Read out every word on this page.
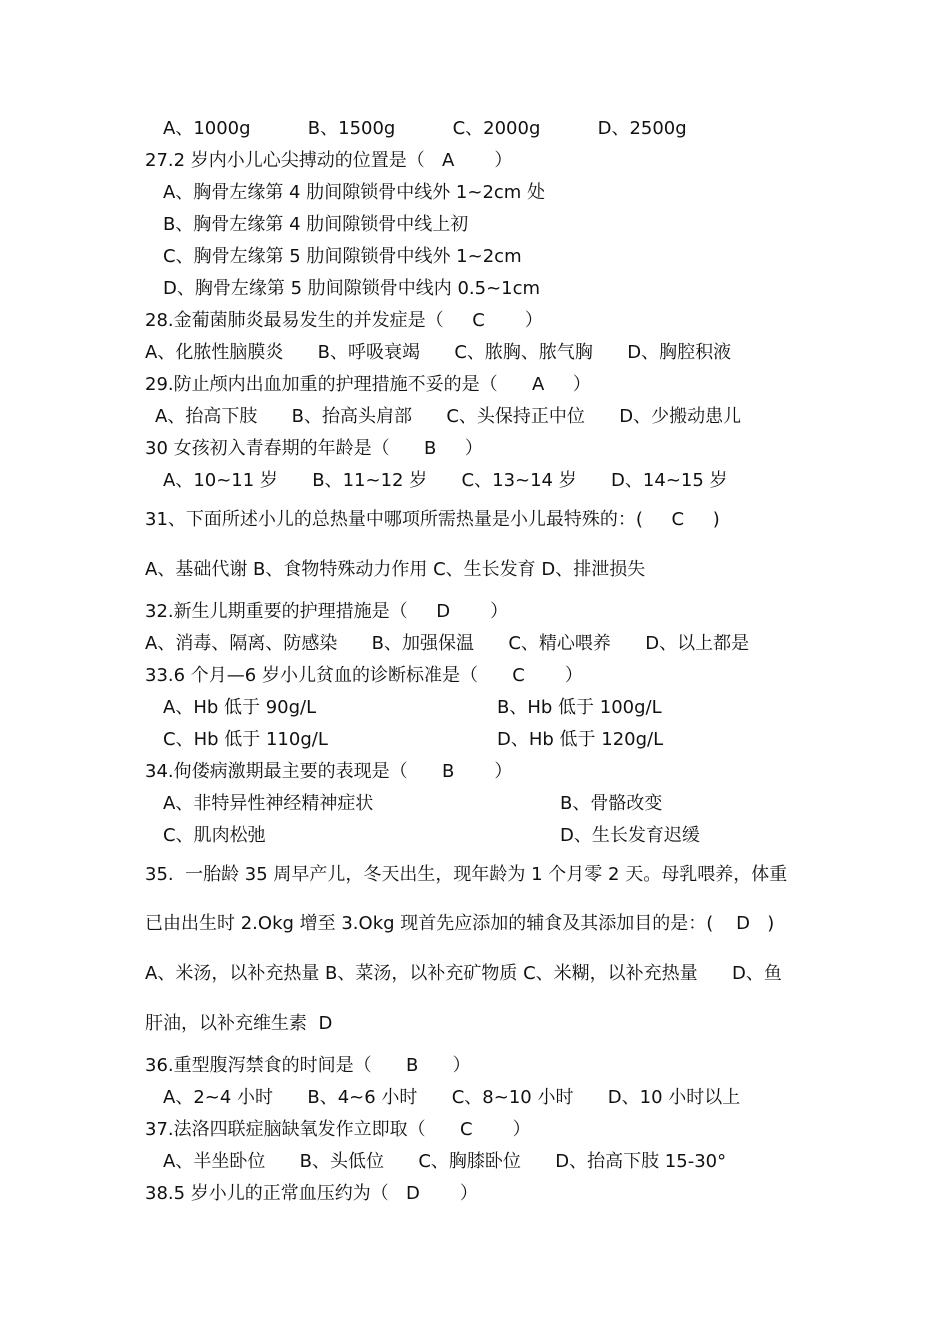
A、1000g          B、1500g          C、2000g          D、2500g
27.2 岁内小儿心尖搏动的位置是（   A       ）
A、胸骨左缘第 4 肋间隙锁骨中线外 1~2cm 处
B、胸骨左缘第 4 肋间隙锁骨中线上初
C、胸骨左缘第 5 肋间隙锁骨中线外 1~2cm
D、胸骨左缘第 5 肋间隙锁骨中线内 0.5~1cm
28.金葡菌肺炎最易发生的并发症是（     C       ）
A、化脓性脑膜炎      B、呼吸衰竭      C、脓胸、脓气胸      D、胸腔积液
29.防止颅内出血加重的护理措施不妥的是（      A     ）
A、抬高下肢      B、抬高头肩部      C、头保持正中位      D、少搬动患儿
30 女孩初入青春期的年龄是（      B     ）
A、10~11 岁      B、11~12 岁      C、13~14 岁      D、14~15 岁
31、下面所述小儿的总热量中哪项所需热量是小儿最特殊的：(     C     )
A、基础代谢 B、食物特殊动力作用 C、生长发育 D、排泄损失
32.新生儿期重要的护理措施是（     D       ）
A、消毒、隔离、防感染      B、加强保温      C、精心喂养      D、以上都是
33.6 个月—6 岁小儿贫血的诊断标准是（      C       ）
A、Hb 低于 90g/L	B、Hb 低于 100g/L
C、Hb 低于 110g/L	D、Hb 低于 120g/L
34.佝偻病激期最主要的表现是（      B       ）
A、非特异性神经精神症状	B、骨骼改变
C、肌肉松弛	D、生长发育迟缓
35.  一胎龄 35 周早产儿，冬天出生，现年龄为 1 个月零 2 天。母乳喂养，体重
已由出生时 2.Okg 增至 3.Okg 现首先应添加的辅食及其添加目的是：(    D   )
A、米汤，以补充热量 B、菜汤，以补充矿物质 C、米糊，以补充热量      D、鱼
肝油，以补充维生素  D
36.重型腹泻禁食的时间是（      B      ）
A、2~4 小时      B、4~6 小时      C、8~10 小时      D、10 小时以上
37.法洛四联症脑缺氧发作立即取（      C       ）
A、半坐卧位      B、头低位      C、胸膝卧位      D、抬高下肢 15-30°
38.5 岁小儿的正常血压约为（   D       ）
